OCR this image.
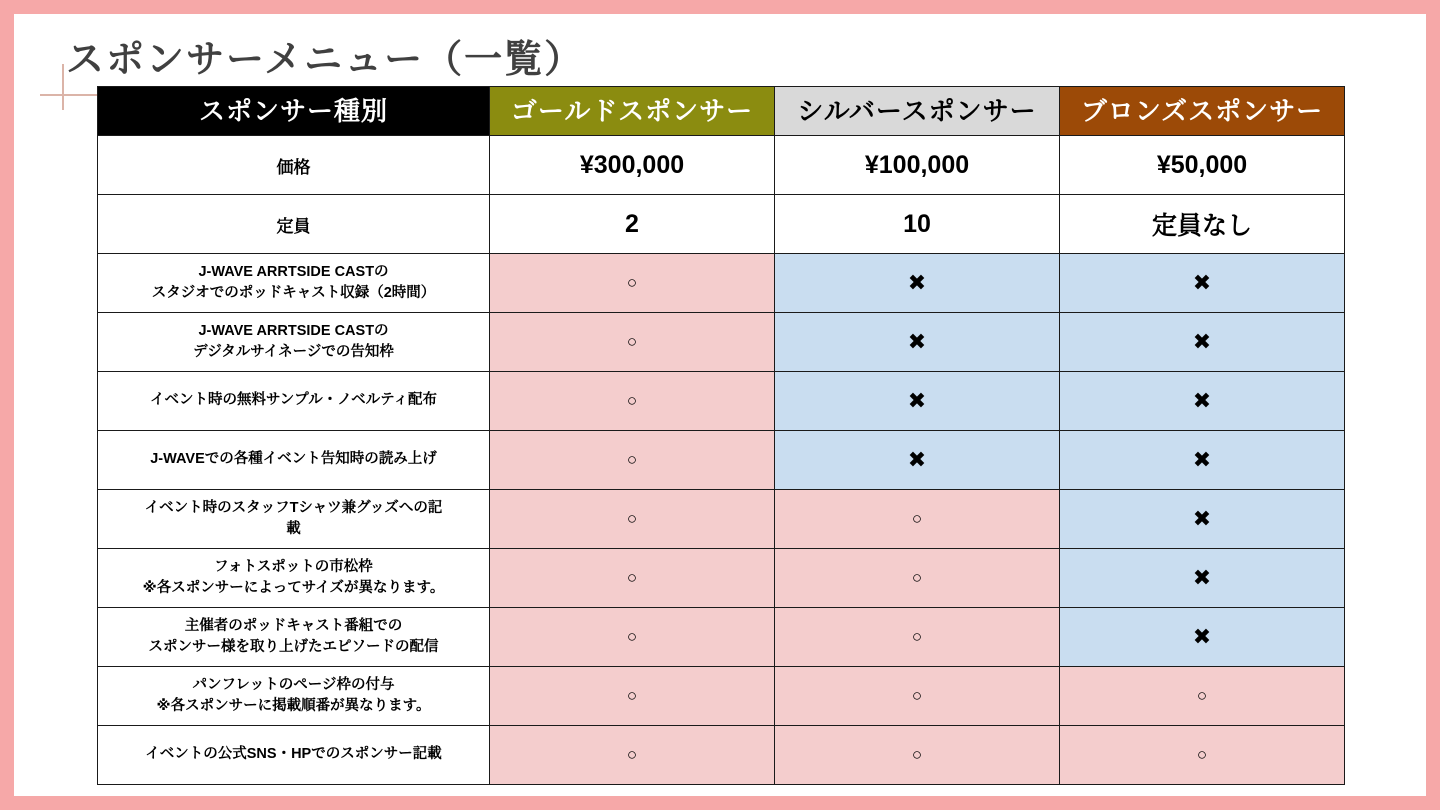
スポンサーメニュー（一覧）
スポンサー種別	ゴールドスポンサー	シルバースポンサー	ブロンズスポンサー
価格	¥300,000	¥100,000	¥50,000
定員	2	10	定員なし

J-WAVE ARRTSIDE CASTの
スタジオでのポッドキャスト収録（2時間）	○	✖	✖

J-WAVE ARRTSIDE CASTの
デジタルサイネージでの告知枠	○	✖	✖

イベント時の無料サンプル・ノベルティ配布	○	✖	✖

J-WAVEでの各種イベント告知時の読み上げ	○	✖	✖

イベント時のスタッフTシャツ兼グッズへの記
載	○	○	✖

フォトスポットの市松枠
※各スポンサーによってサイズが異なります。	○	○	✖

主催者のポッドキャスト番組での
スポンサー様を取り上げたエピソードの配信	○	○	✖

パンフレットのページ枠の付与
※各スポンサーに掲載順番が異なります。	○	○	○

イベントの公式SNS・HPでのスポンサー記載	○	○	○
